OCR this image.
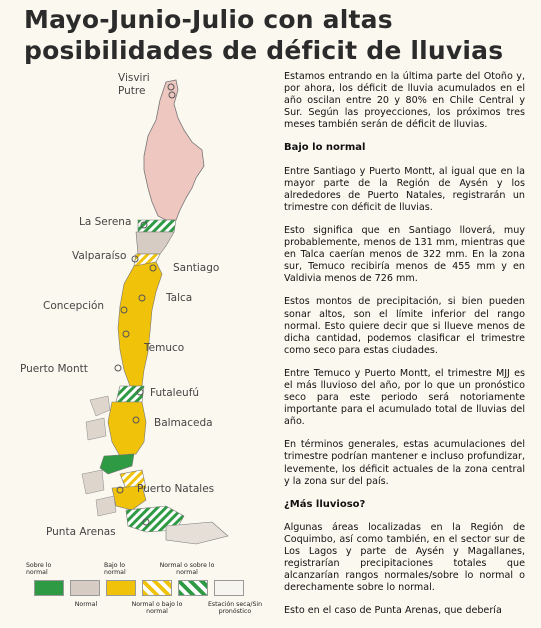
Mayo-Junio-Julio con altas posibilidades de déficit de lluvias
Visviri
Putre
La Serena
Valparaíso
Santiago
Concepción
Talca
Temuco
Puerto Montt
Futaleufú
Balmaceda
Puerto Natales
Punta Arenas

Estamos entrando en la última parte del Otoño y, por ahora, los déficit de lluvia acumulados en el año oscilan entre 20 y 80% en Chile Central y Sur. Según las proyecciones, los próximos tres meses también serán de déficit de lluvias.

Bajo lo normal

Entre Santiago y Puerto Montt, al igual que en la mayor parte de la Región de Aysén y los alrededores de Puerto Natales, registrarán un trimestre con déficit de lluvias.

Esto significa que en Santiago lloverá, muy probablemente, menos de 131 mm, mientras que en Talca caerían menos de 322 mm. En la zona sur, Temuco recibiría menos de 455 mm y en Valdivia menos de 726 mm.

Estos montos de precipitación, si bien pueden sonar altos, son el límite inferior del rango normal. Esto quiere decir que si llueve menos de dicha cantidad, podemos clasificar el trimestre como seco para estas ciudades.

Entre Temuco y Puerto Montt, el trimestre MJJ es el más lluvioso del año, por lo que un pronóstico seco para este periodo será notoriamente importante para el acumulado total de lluvias del año.

En términos generales, estas acumulaciones del trimestre podrían mantener e incluso profundizar, levemente, los déficit actuales de la zona central y la zona sur del país.

¿Más lluvioso?

Algunas áreas localizadas en la Región de Coquimbo, así como también, en el sector sur de Los Lagos y parte de Aysén y Magallanes, registrarían precipitaciones totales que alcanzarían rangos normales/sobre lo normal o derechamente sobre lo normal.

Esto en el caso de Punta Arenas, que debería

Sobre lo normal
Normal
Bajo lo normal
Normal o bajo lo normal
Normal o sobre lo normal
Estación seca/Sin pronóstico
